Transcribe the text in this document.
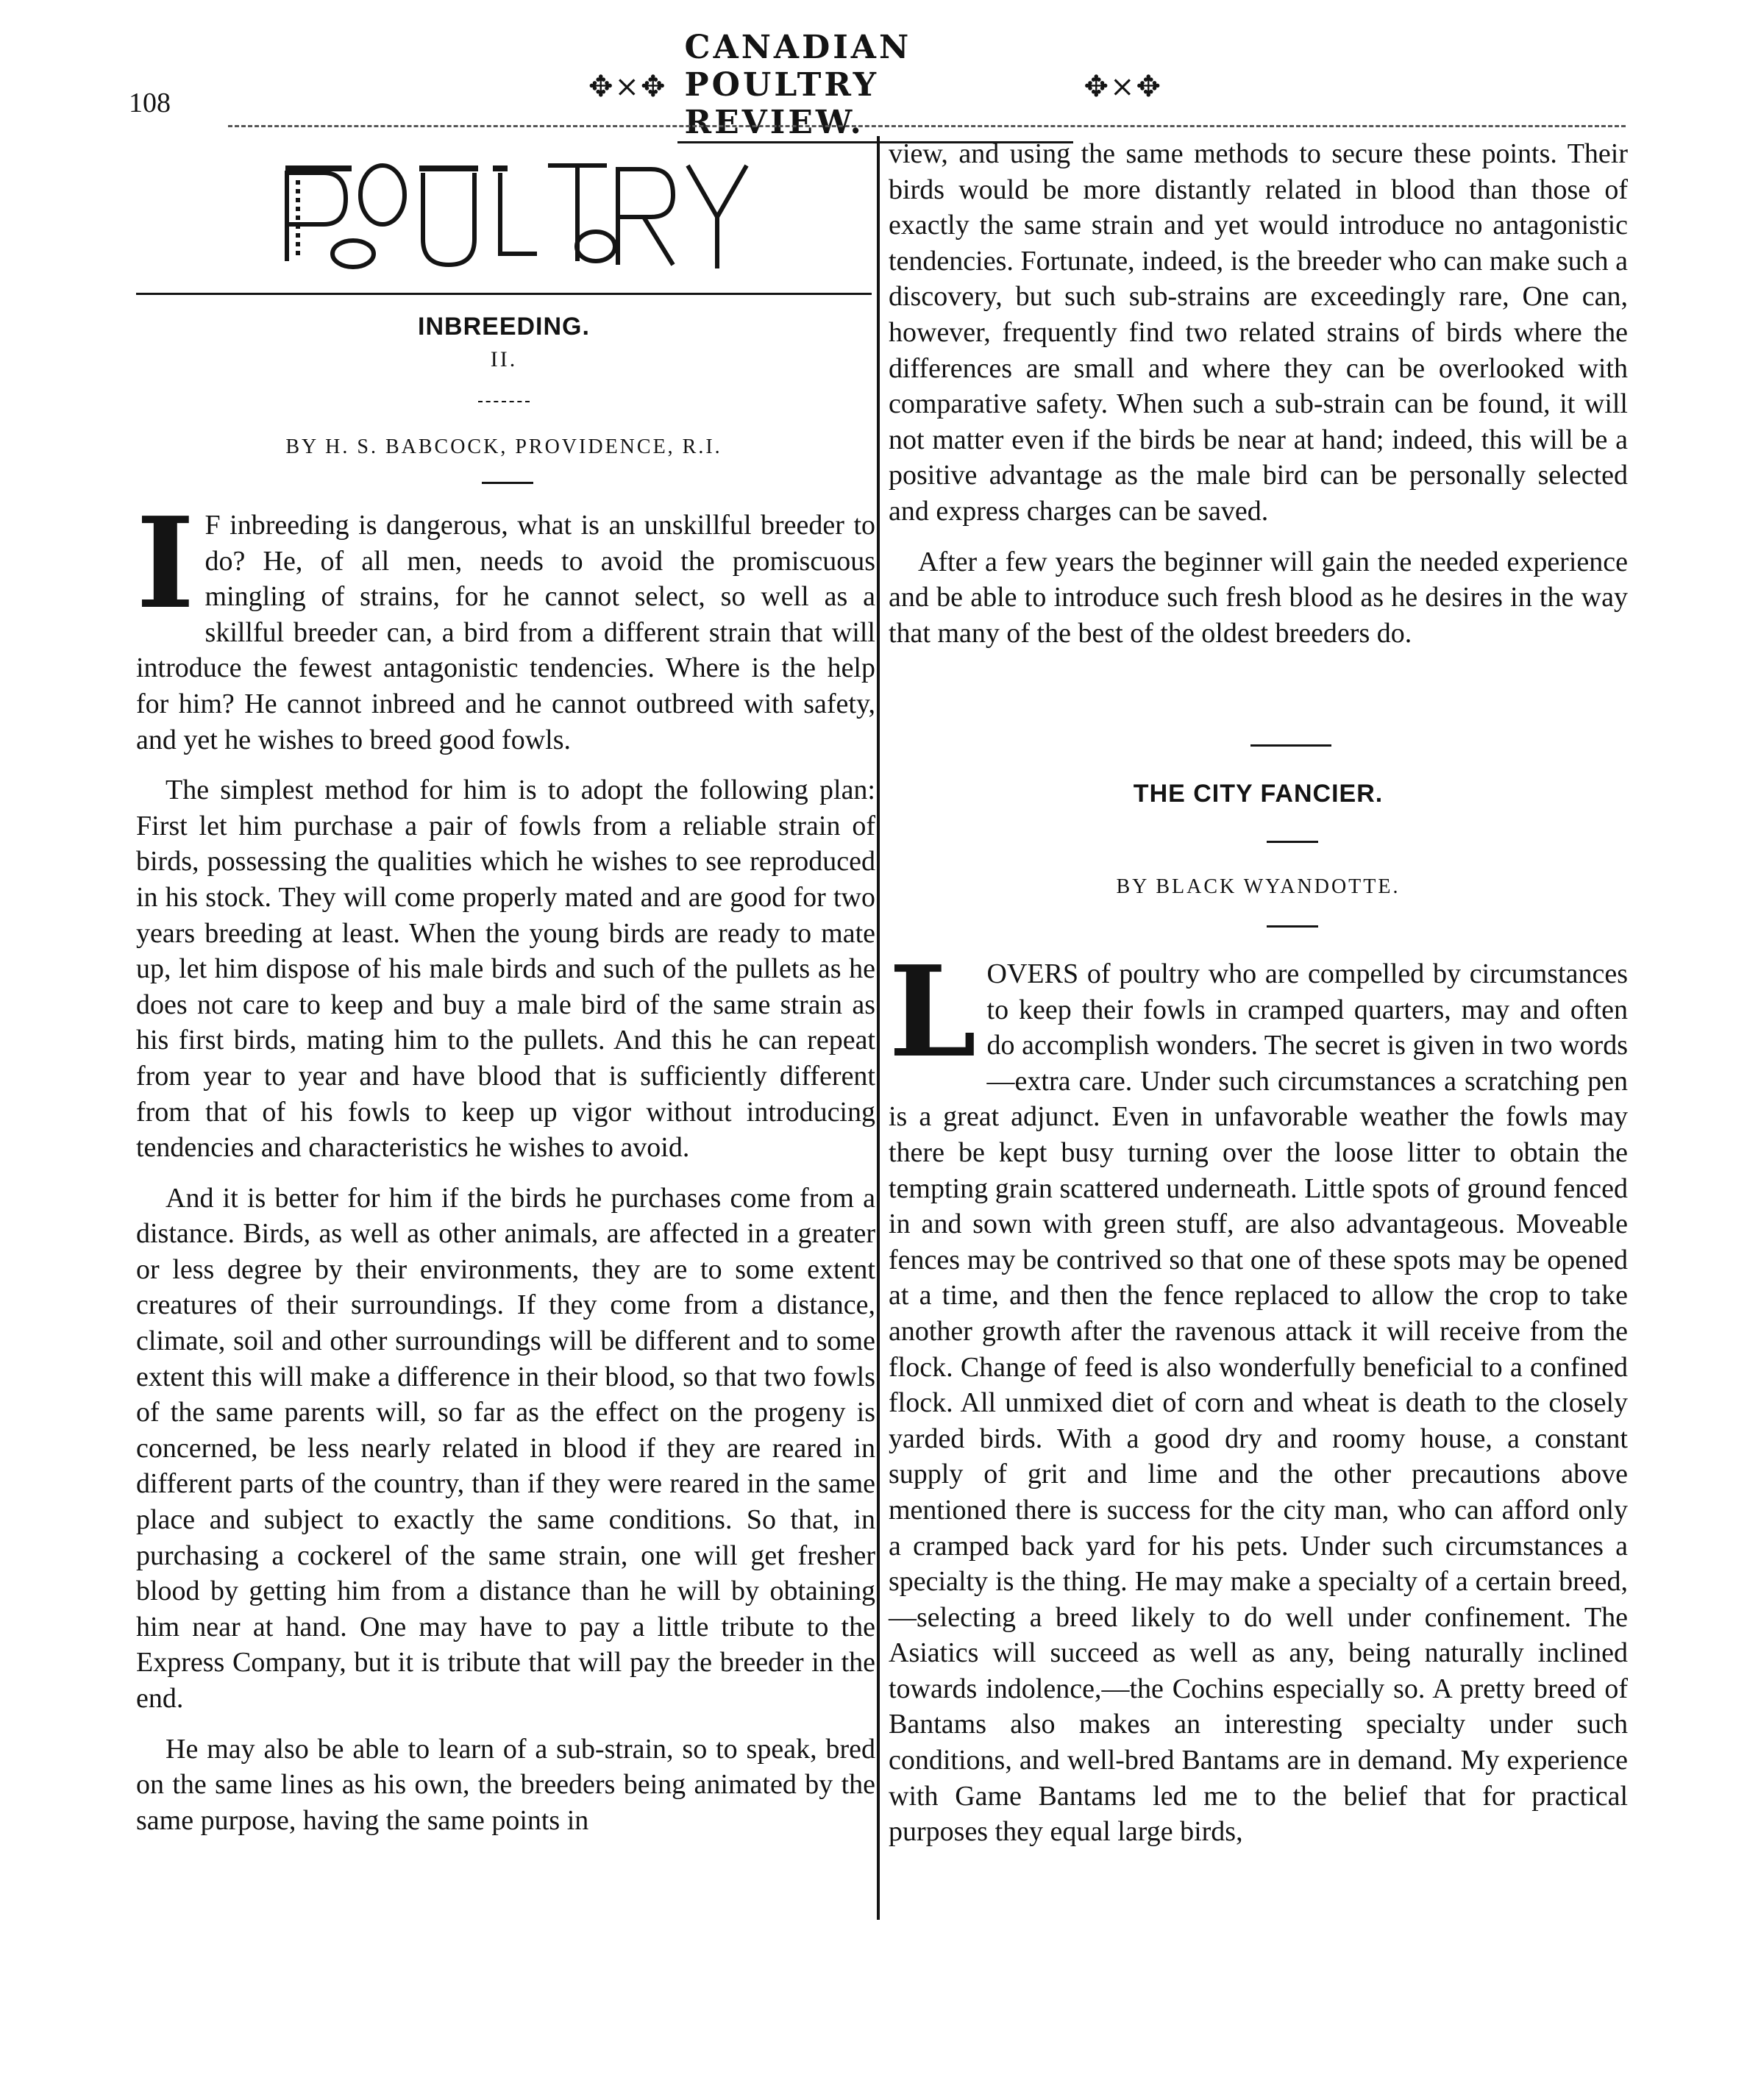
108
✥⨯✥
CANADIAN POULTRY REVIEW.
✥⨯✥
INBREEDING.
II.
BY H. S. BABCOCK, PROVIDENCE, R.I.

I F inbreeding is dangerous, what is an unskillful breeder to do? He, of all men, needs to avoid the promiscuous mingling of strains, for he cannot select, so well as a skillful breeder can, a bird from a different strain that will introduce the fewest antagonistic tendencies. Where is the help for him? He cannot inbreed and he cannot outbreed with safety, and yet he wishes to breed good fowls.

The simplest method for him is to adopt the following plan: First let him purchase a pair of fowls from a reliable strain of birds, possessing the qualities which he wishes to see reproduced in his stock. They will come properly mated and are good for two years breeding at least. When the young birds are ready to mate up, let him dispose of his male birds and such of the pullets as he does not care to keep and buy a male bird of the same strain as his first birds, mating him to the pullets. And this he can repeat from year to year and have blood that is sufficiently different from that of his fowls to keep up vigor without introducing tendencies and characteristics he wishes to avoid.

And it is better for him if the birds he purchases come from a distance. Birds, as well as other animals, are affected in a greater or less degree by their environments, they are to some extent creatures of their surroundings. If they come from a distance, climate, soil and other surroundings will be different and to some extent this will make a difference in their blood, so that two fowls of the same parents will, so far as the effect on the progeny is concerned, be less nearly related in blood if they are reared in different parts of the country, than if they were reared in the same place and subject to exactly the same conditions. So that, in purchasing a cockerel of the same strain, one will get fresher blood by getting him from a distance than he will by obtaining him near at hand. One may have to pay a little tribute to the Express Company, but it is tribute that will pay the breeder in the end.

He may also be able to learn of a sub-strain, so to speak, bred on the same lines as his own, the breeders being animated by the same purpose, having the same points in

view, and using the same methods to secure these points. Their birds would be more distantly related in blood than those of exactly the same strain and yet would introduce no antagonistic tendencies. Fortunate, indeed, is the breeder who can make such a discovery, but such sub-strains are exceedingly rare, One can, however, frequently find two related strains of birds where the differences are small and where they can be overlooked with comparative safety. When such a sub-strain can be found, it will not matter even if the birds be near at hand; indeed, this will be a positive advantage as the male bird can be personally selected and express charges can be saved.

After a few years the beginner will gain the needed experience and be able to introduce such fresh blood as he desires in the way that many of the best of the oldest breeders do.

THE CITY FANCIER.
BY BLACK WYANDOTTE.

LOVERS of poultry who are compelled by circumstances to keep their fowls in cramped quarters, may and often do accomplish wonders. The secret is given in two words—extra care. Under such circumstances a scratching pen is a great adjunct. Even in unfavorable weather the fowls may there be kept busy turning over the loose litter to obtain the tempting grain scattered underneath. Little spots of ground fenced in and sown with green stuff, are also advantageous. Moveable fences may be contrived so that one of these spots may be opened at a time, and then the fence replaced to allow the crop to take another growth after the ravenous attack it will receive from the flock. Change of feed is also wonderfully beneficial to a confined flock. All unmixed diet of corn and wheat is death to the closely yarded birds. With a good dry and roomy house, a constant supply of grit and lime and the other precautions above mentioned there is success for the city man, who can afford only a cramped back yard for his pets. Under such circumstances a specialty is the thing. He may make a specialty of a certain breed,—selecting a breed likely to do well under confinement. The Asiatics will succeed as well as any, being naturally inclined towards indolence,—the Cochins especially so. A pretty breed of Bantams also makes an interesting specialty under such conditions, and well-bred Bantams are in demand. My experience with Game Bantams led me to the belief that for practical purposes they equal large birds,
